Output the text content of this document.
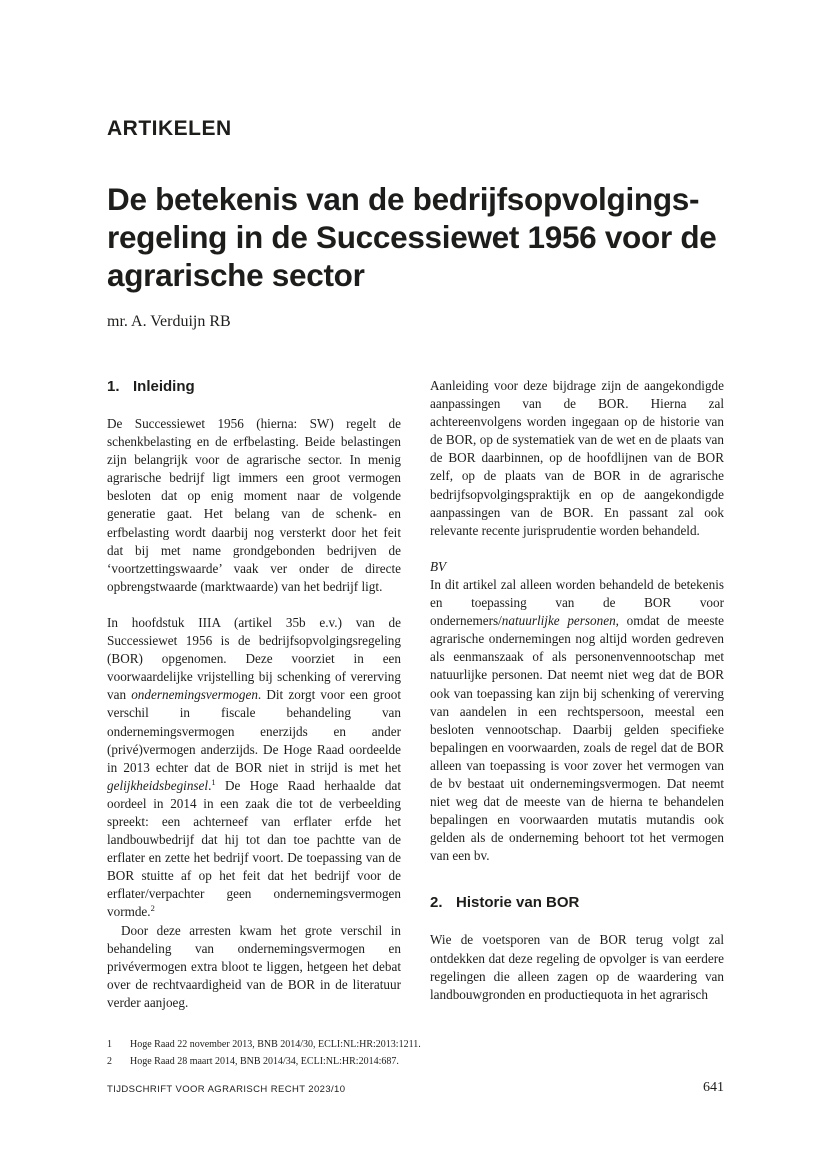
ARTIKELEN
De betekenis van de bedrijfsopvolgings-regeling in de Successiewet 1956 voor de agrarische sector

mr. A. Verduijn RB

1. Inleiding

De Successiewet 1956 (hierna: SW) regelt de schenkbelasting en de erfbelasting. Beide belastingen zijn belangrijk voor de agrarische sector. In menig agrarische bedrijf ligt immers een groot vermogen besloten dat op enig moment naar de volgende generatie gaat. Het belang van de schenk- en erfbelasting wordt daarbij nog versterkt door het feit dat bij met name grondgebonden bedrijven de ‘voortzettingswaarde’ vaak ver onder de directe opbrengstwaarde (marktwaarde) van het bedrijf ligt.

In hoofdstuk IIIA (artikel 35b e.v.) van de Successiewet 1956 is de bedrijfsopvolgingsregeling (BOR) opgenomen. Deze voorziet in een voorwaardelijke vrijstelling bij schenking of vererving van ondernemingsvermogen. Dit zorgt voor een groot verschil in fiscale behandeling van ondernemingsvermogen enerzijds en ander (privé)vermogen anderzijds. De Hoge Raad oordeelde in 2013 echter dat de BOR niet in strijd is met het gelijkheidsbeginsel.$^1$ De Hoge Raad herhaalde dat oordeel in 2014 in een zaak die tot de verbeelding spreekt: een achterneef van erflater erfde het landbouwbedrijf dat hij tot dan toe pachtte van de erflater en zette het bedrijf voort. De toepassing van de BOR stuitte af op het feit dat het bedrijf voor de erflater/verpachter geen ondernemingsvermogen vormde.$^2$

Door deze arresten kwam het grote verschil in behandeling van ondernemingsvermogen en privévermogen extra bloot te liggen, hetgeen het debat over de rechtvaardigheid van de BOR in de literatuur verder aanjoeg.

Aanleiding voor deze bijdrage zijn de aangekondigde aanpassingen van de BOR. Hierna zal achtereenvolgens worden ingegaan op de historie van de BOR, op de systematiek van de wet en de plaats van de BOR daarbinnen, op de hoofdlijnen van de BOR zelf, op de plaats van de BOR in de agrarische bedrijfsopvolgingspraktijk en op de aangekondigde aanpassingen van de BOR. En passant zal ook relevante recente jurisprudentie worden behandeld.

BV

In dit artikel zal alleen worden behandeld de betekenis en toepassing van de BOR voor ondernemers/natuurlijke personen, omdat de meeste agrarische ondernemingen nog altijd worden gedreven als eenmanszaak of als personenvennootschap met natuurlijke personen. Dat neemt niet weg dat de BOR ook van toepassing kan zijn bij schenking of vererving van aandelen in een rechtspersoon, meestal een besloten vennootschap. Daarbij gelden specifieke bepalingen en voorwaarden, zoals de regel dat de BOR alleen van toepassing is voor zover het vermogen van de bv bestaat uit ondernemingsvermogen. Dat neemt niet weg dat de meeste van de hierna te behandelen bepalingen en voorwaarden mutatis mutandis ook gelden als de onderneming behoort tot het vermogen van een bv.

2. Historie van BOR

Wie de voetsporen van de BOR terug volgt zal ontdekken dat deze regeling de opvolger is van eerdere regelingen die alleen zagen op de waardering van landbouwgronden en productiequota in het agrarisch

1	Hoge Raad 22 november 2013, BNB 2014/30, ECLI:NL:HR:2013:1211.
2	Hoge Raad 28 maart 2014, BNB 2014/34, ECLI:NL:HR:2014:687.
TIJDSCHRIFT VOOR AGRARISCH RECHT 2023/10	641
